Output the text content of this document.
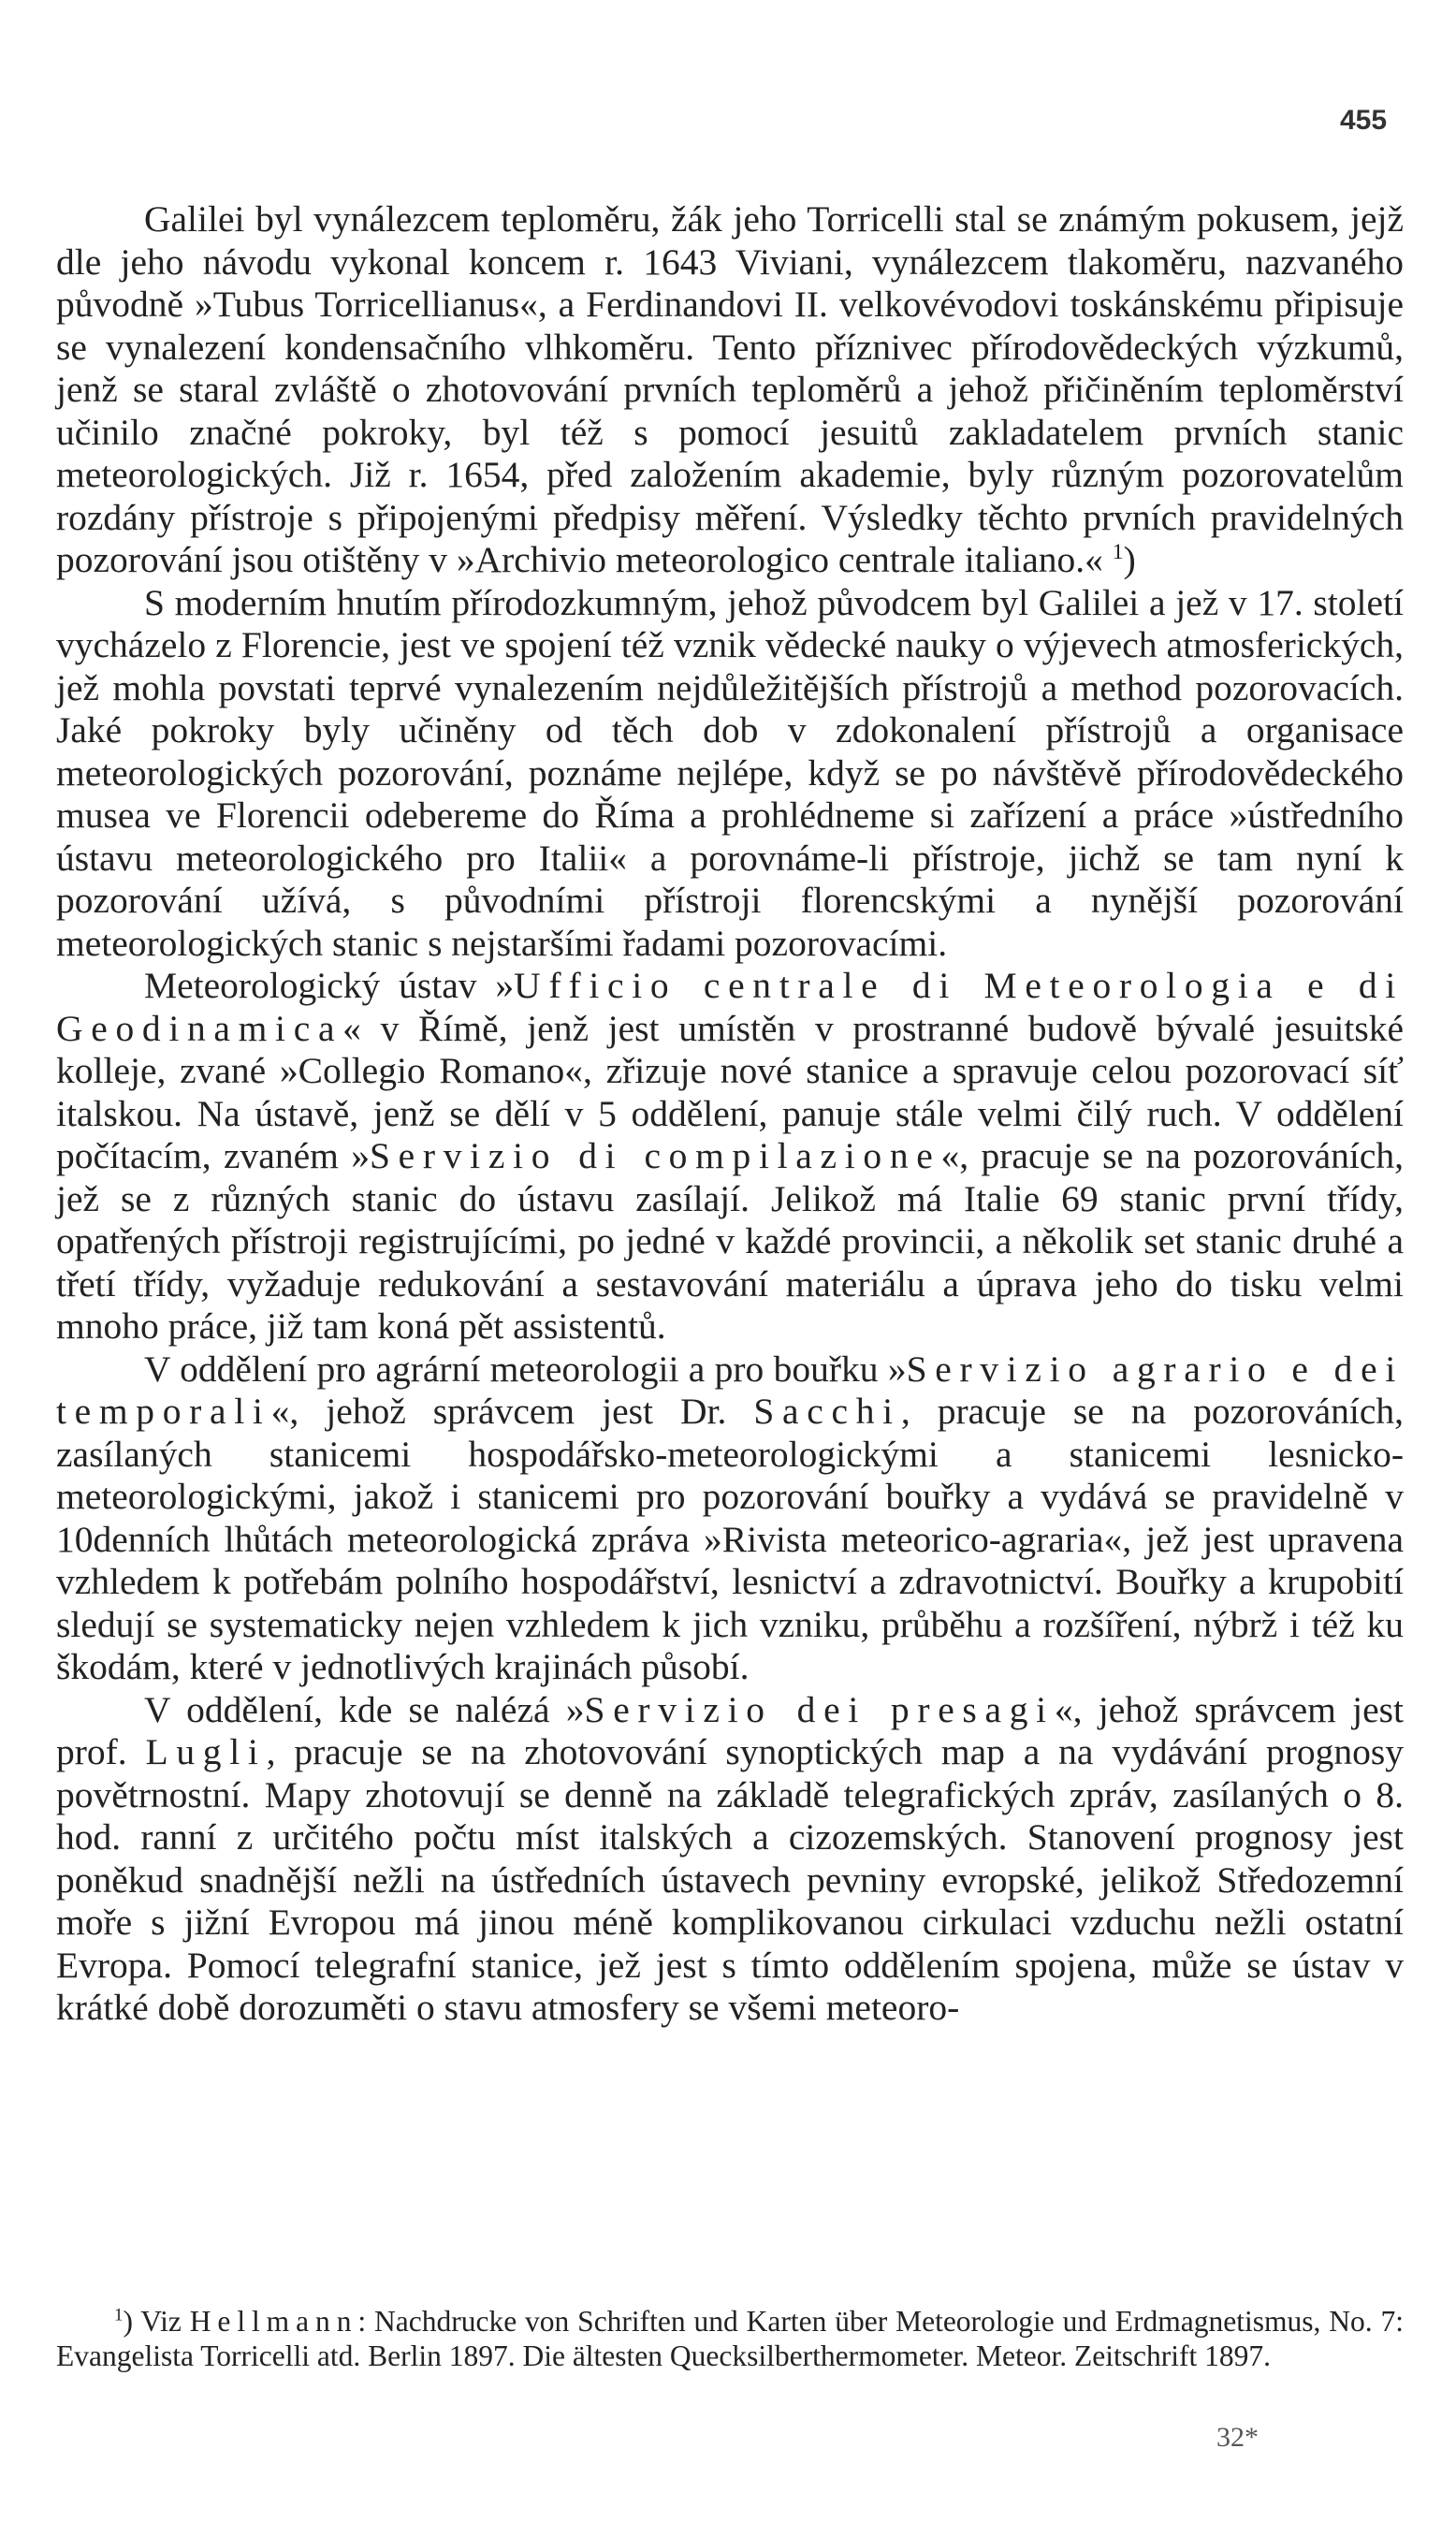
455

Galilei byl vynálezcem teploměru, žák jeho Torricelli stal se známým pokusem, jejž dle jeho návodu vykonal koncem r. 1643 Viviani, vynálezcem tlakoměru, nazvaného původně »Tubus Torricellianus«, a Ferdinandovi II. velkovévodovi toskánskému připisuje se vynalezení kondensačního vlhkoměru. Tento příznivec přírodovědeckých výzkumů, jenž se staral zvláště o zhotovování prvních teploměrů a jehož přičiněním teploměrství učinilo značné pokroky, byl též s pomocí jesuitů zakladatelem prvních stanic meteorologických. Již r. 1654, před založením akademie, byly různým pozorovatelům rozdány přístroje s připojenými předpisy měření. Výsledky těchto prvních pravidelných pozorování jsou otištěny v »Archivio meteorologico centrale italiano.« $^1$)

S moderním hnutím přírodozkumným, jehož původcem byl Galilei a jež v 17. století vycházelo z Florencie, jest ve spojení též vznik vědecké nauky o výjevech atmosferických, jež mohla povstati teprvé vynalezením nejdůležitějších přístrojů a method pozorovacích. Jaké pokroky byly učiněny od těch dob v zdokonalení přístrojů a organisace meteorologických pozorování, poznáme nejlépe, když se po návštěvě přírodovědeckého musea ve Florencii odebereme do Říma a prohlédneme si zařízení a práce »ústředního ústavu meteorologického pro Italii« a porovnáme-li přístroje, jichž se tam nyní k pozorování užívá, s původními přístroji florencskými a nynější pozorování meteorologických stanic s nejstaršími řadami pozorovacími.

Meteorologický ústav »Ufficio centrale di Meteorologia e di Geodinamica« v Římě, jenž jest umístěn v prostranné budově bývalé jesuitské kolleje, zvané »Collegio Romano«, zřizuje nové stanice a spravuje celou pozorovací síť italskou. Na ústavě, jenž se dělí v 5 oddělení, panuje stále velmi čilý ruch. V oddělení počítacím, zvaném »Servizio di compilazione«, pracuje se na pozorováních, jež se z různých stanic do ústavu zasílají. Jelikož má Italie 69 stanic první třídy, opatřených přístroji registrujícími, po jedné v každé provincii, a několik set stanic druhé a třetí třídy, vyžaduje redukování a sestavování materiálu a úprava jeho do tisku velmi mnoho práce, již tam koná pět assistentů.

V oddělení pro agrární meteorologii a pro bouřku »Servizio agrario e dei temporali«, jehož správcem jest Dr. Sacchi, pracuje se na pozorováních, zasílaných stanicemi hospodářsko-meteorologickými a stanicemi lesnicko-meteorologickými, jakož i stanicemi pro pozorování bouřky a vydává se pravidelně v 10denních lhůtách meteorologická zpráva »Rivista meteorico-agraria«, jež jest upravena vzhledem k potřebám polního hospodářství, lesnictví a zdravotnictví. Bouřky a krupobití sledují se systematicky nejen vzhledem k jich vzniku, průběhu a rozšíření, nýbrž i též ku škodám, které v jednotlivých krajinách působí.

V oddělení, kde se nalézá »Servizio dei presagi«, jehož správcem jest prof. Lugli, pracuje se na zhotovování synoptických map a na vydávání prognosy povětrnostní. Mapy zhotovují se denně na základě telegrafických zpráv, zasílaných o 8. hod. ranní z určitého počtu míst italských a cizozemských. Stanovení prognosy jest poněkud snadnější nežli na ústředních ústavech pevniny evropské, jelikož Středozemní moře s jižní Evropou má jinou méně komplikovanou cirkulaci vzduchu nežli ostatní Evropa. Pomocí telegrafní stanice, jež jest s tímto oddělením spojena, může se ústav v krátké době dorozuměti o stavu atmosfery se všemi meteoro-

$^1$) Viz Hellmann: Nachdrucke von Schriften und Karten über Meteorologie und Erdmagnetismus, No. 7: Evangelista Torricelli atd. Berlin 1897. Die ältesten Quecksilberthermometer. Meteor. Zeitschrift 1897.

32*
